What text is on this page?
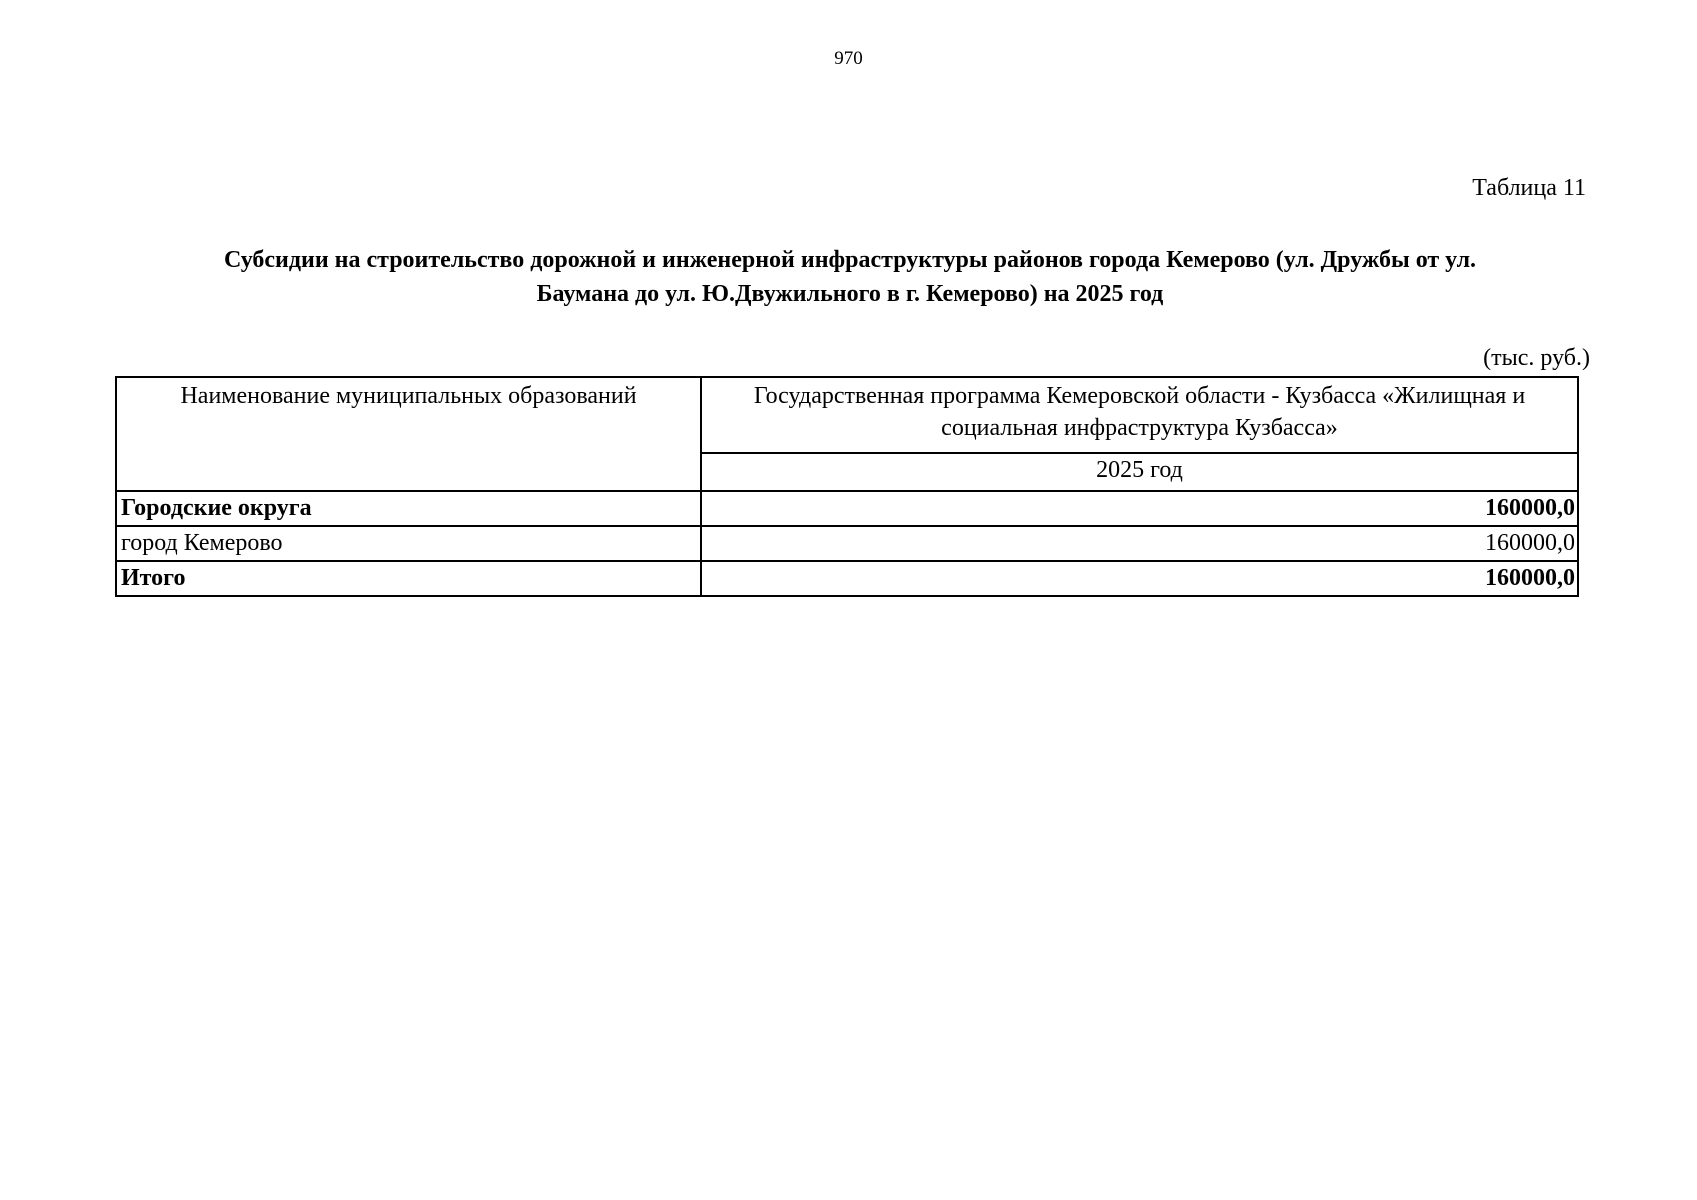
970
Таблица 11
Субсидии на строительство дорожной и инженерной инфраструктуры районов города Кемерово (ул. Дружбы от ул.
Баумана до ул. Ю.Двужильного в г. Кемерово) на 2025 год
(тыс. руб.)
Наименование муниципальных образований	Государственная программа Кемеровской области - Кузбасса «Жилищная и социальная инфраструктура Кузбасса»
	2025 год
Городские округа	160000,0
город Кемерово	160000,0
Итого	160000,0
